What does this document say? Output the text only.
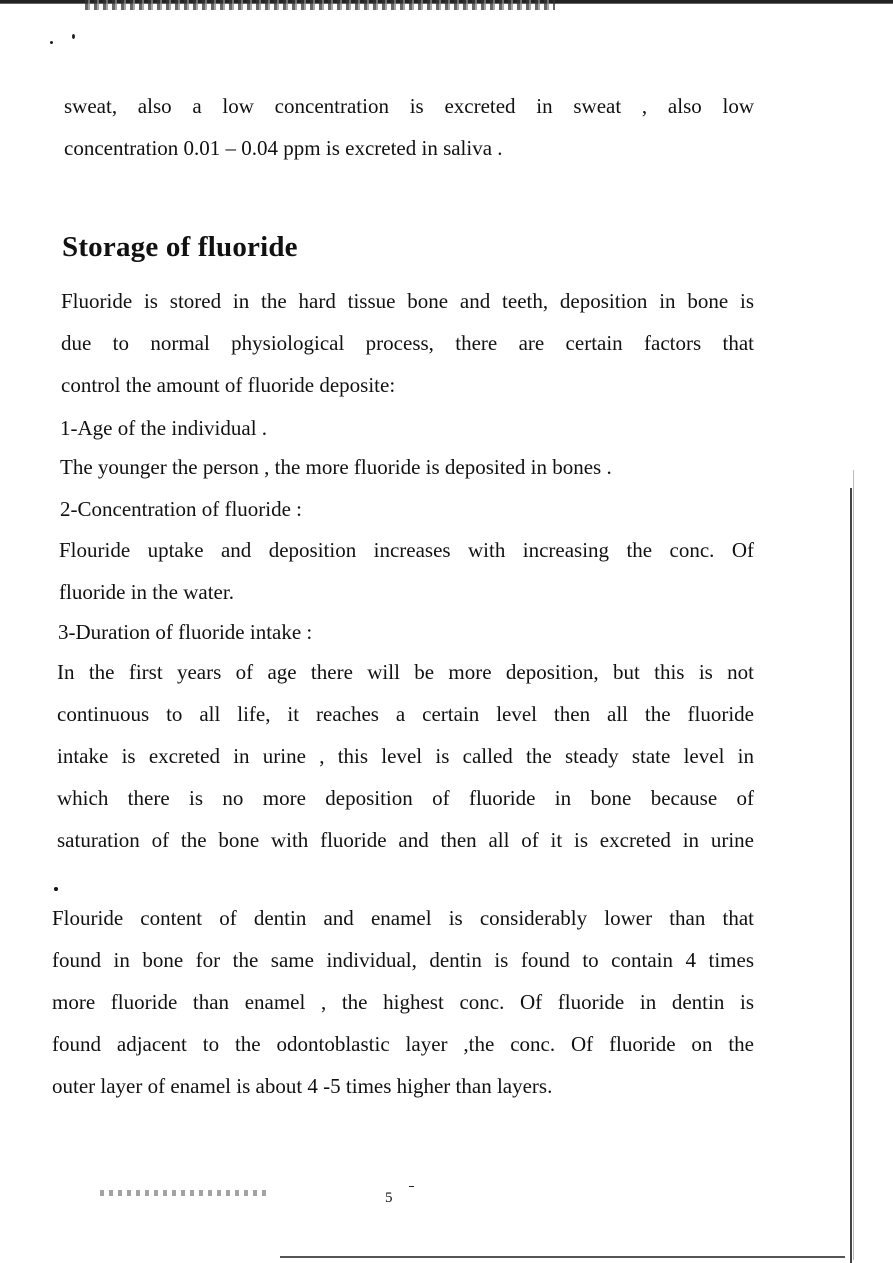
sweat, also a low concentration is excreted in sweat , also low
concentration 0.01 – 0.04 ppm is excreted in saliva .
Storage of fluoride
Fluoride is stored in the hard tissue bone and teeth, deposition in bone is
due to normal physiological process, there are certain factors that
control the amount of fluoride deposite:

1-Age of the individual .

The younger the person , the more fluoride is deposited in bones .

2-Concentration of fluoride :

Flouride uptake and deposition increases with increasing the conc. Of
fluoride in the water.

3-Duration of fluoride intake :

In the first years of age there will be more deposition, but this is not
continuous to all life, it reaches a certain level then all the fluoride
intake is excreted in urine , this level is called the steady state level in
which there is no more deposition of fluoride in bone because of
saturation of the bone with fluoride and then all of it is excreted in urine
Flouride content of dentin and enamel is considerably lower than that
found in bone for the same individual, dentin is found to contain 4 times
more fluoride than enamel , the highest conc. Of fluoride in dentin is
found adjacent to the odontoblastic layer ,the conc. Of fluoride on the
outer layer of enamel is about 4 -5 times higher than layers.
5
